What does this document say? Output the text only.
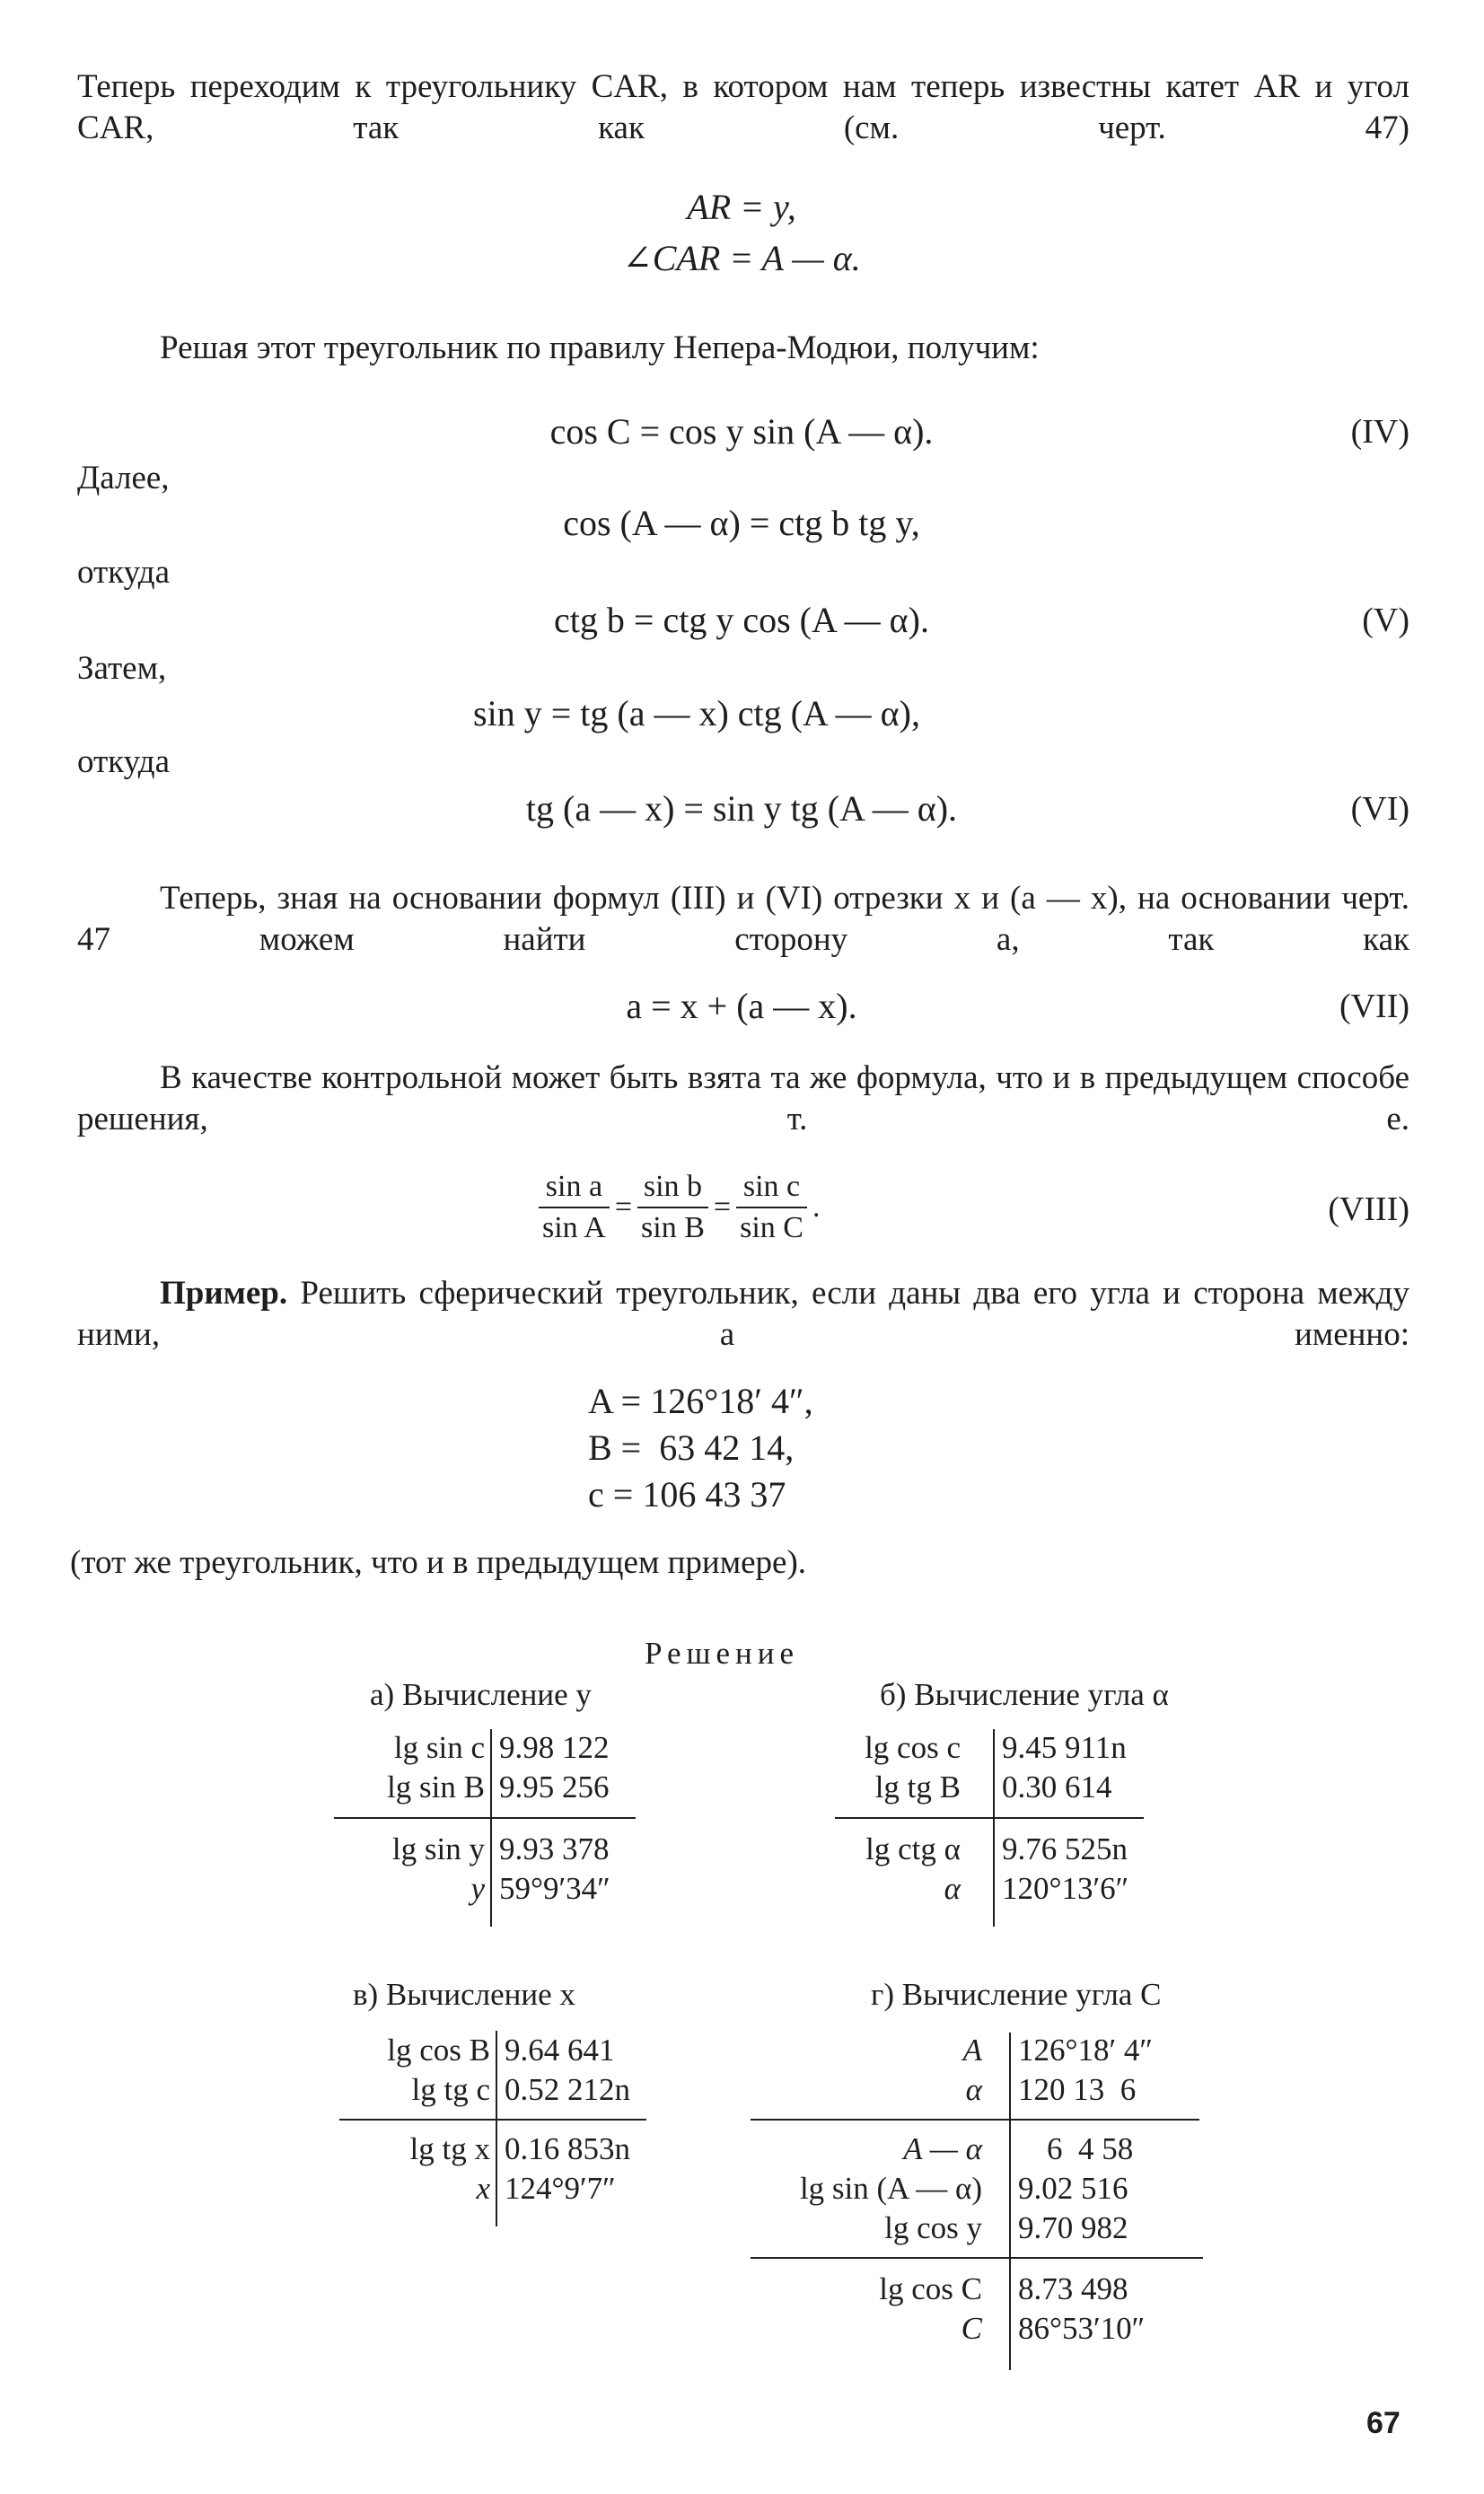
Теперь переходим к треугольнику CAR, в котором нам теперь известны катет AR и угол CAR, так как (см. черт. 47)
AR = y,
∠CAR = A — α.
Решая этот треугольник по правилу Непера-Модюи, получим:
cos C = cos y sin (A — α).	(IV)
Далее,
cos (A — α) = ctg b tg y,
откуда
ctg b = ctg y cos (A — α).	(V)
Затем,
sin y = tg (a — x) ctg (A — α),
откуда
tg (a — x) = sin y tg (A — α).	(VI)
Теперь, зная на основании формул (III) и (VI) отрезки x и (a — x), на основании черт. 47 можем найти сторону a, так как
a = x + (a — x).	(VII)
В качестве контрольной может быть взята та же формула, что и в предыдущем способе решения, т. е.
$\frac{\text{sin a}}{\text{sin A}} = \frac{\text{sin b}}{\text{sin B}} = \frac{\text{sin c}}{\text{sin C}}$ .	(VIII)
Пример. Решить сферический треугольник, если даны два его угла и сторона между ними, а именно:
A = 126°18′ 4″,
B =  63 42 14,
c = 106 43 37
(тот же треугольник, что и в предыдущем примере).
Решение
а) Вычисление y
lg sin c 9.98 122
lg sin B 9.95 256
lg sin y 9.93 378
y 59°9′34″
б) Вычисление угла α
lg cos c 9.45 911n
lg tg B 0.30 614
lg ctg α 9.76 525n
α 120°13′6″
в) Вычисление x
lg cos B 9.64 641
lg tg c 0.52 212n
lg tg x 0.16 853n
x 124°9′7″
г) Вычисление угла C
A 126°18′ 4″
α 120 13  6
A — α 6  4 58
lg sin (A — α) 9.02 516
lg cos y 9.70 982
lg cos C 8.73 498
C 86°53′10″
67
